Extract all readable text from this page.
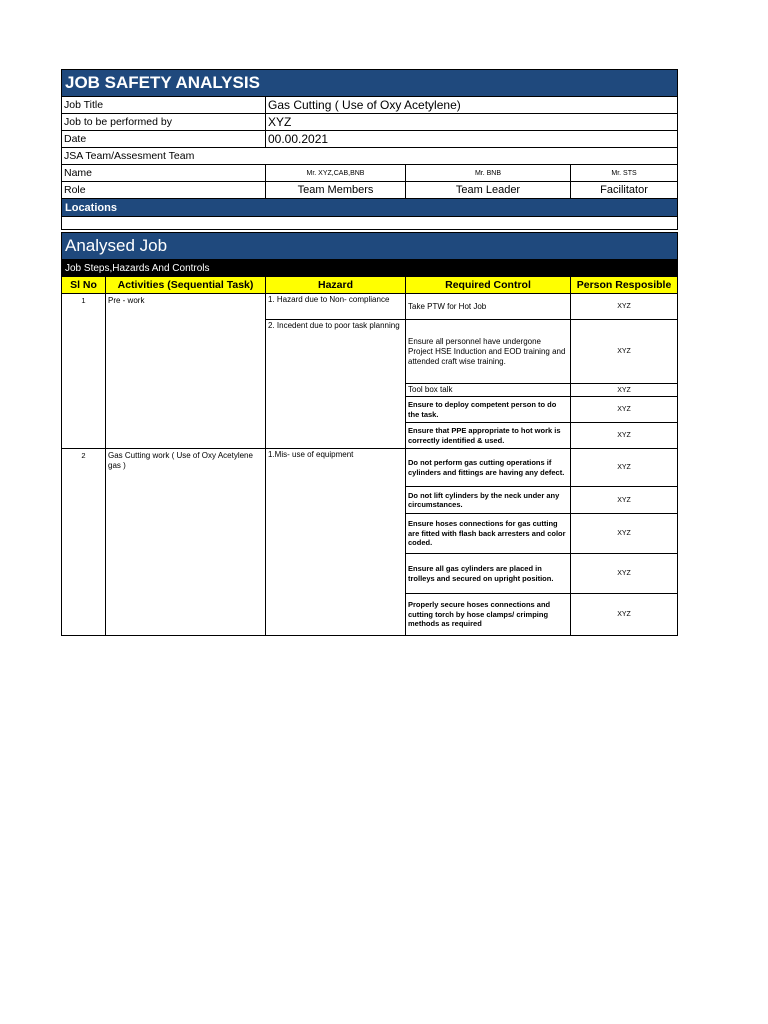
JOB SAFETY ANALYSIS			
Job Title	Gas Cutting ( Use of Oxy Acetylene)		
Job to be performed by	XYZ		
Date	00.00.2021		
JSA Team/Assesment Team			
Name	Mr. XYZ,CAB,BNB	Mr. BNB	Mr. STS
Role	Team Members	Team Leader	Facilitator
Locations			

Analysed Job				
Job Steps,Hazards And Controls				
Sl No	Activities (Sequential Task)	Hazard	Required Control	Person Resposible
1	Pre - work	1. Hazard due to Non- compliance	Take PTW for Hot Job	XYZ
		2. Incedent due to poor task planning	Ensure all personnel have undergone Project HSE Induction and EOD training and attended craft wise training.	XYZ
			Tool box talk	XYZ
			Ensure to deploy competent person to do the task.	XYZ
			Ensure that PPE appropriate to hot work is correctly identified & used.	XYZ
2	Gas Cutting work ( Use of Oxy Acetylene gas )	1.Mis- use of equipment	Do not perform gas cutting operations if cylinders and fittings are having any defect.	XYZ
			Do not lift cylinders by the neck under any circumstances.	XYZ
			Ensure hoses connections for gas cutting are fitted with flash back arresters and color coded.	XYZ
			Ensure all gas cylinders are placed in trolleys and secured on upright position.	XYZ
			Properly secure hoses connections and cutting torch by hose clamps/ crimping methods as required	XYZ
